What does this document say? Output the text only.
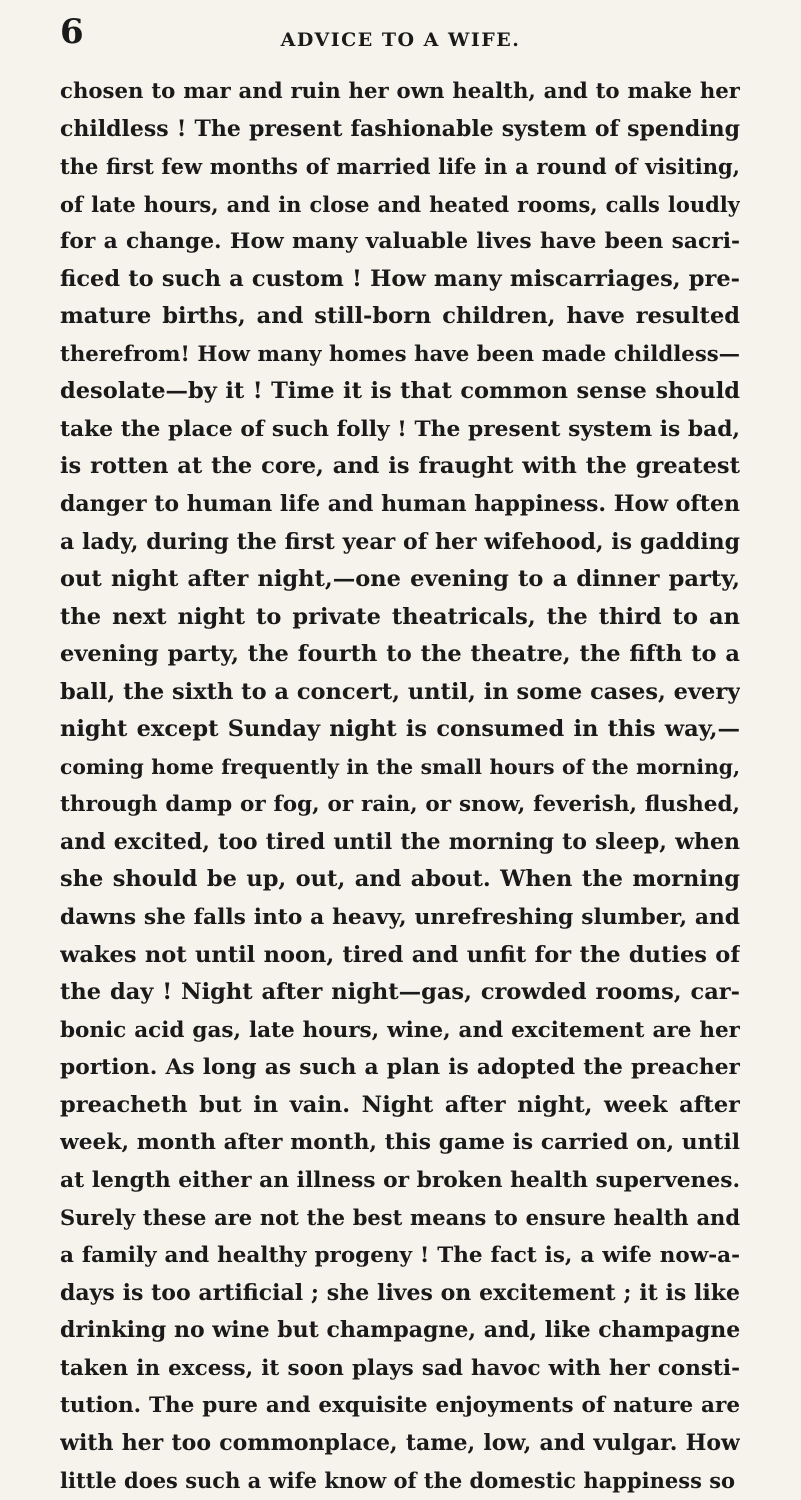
6	ADVICE TO A WIFE.
chosen to mar and ruin her own health, and to make her
childless ! The present fashionable system of spending
the first few months of married life in a round of visiting,
of late hours, and in close and heated rooms, calls loudly
for a change. How many valuable lives have been sacri-
ficed to such a custom ! How many miscarriages, pre-
mature births, and still-born children, have resulted
therefrom! How many homes have been made childless—
desolate—by it ! Time it is that common sense should
take the place of such folly ! The present system is bad,
is rotten at the core, and is fraught with the greatest
danger to human life and human happiness. How often
a lady, during the first year of her wifehood, is gadding
out night after night,—one evening to a dinner party,
the next night to private theatricals, the third to an
evening party, the fourth to the theatre, the fifth to a
ball, the sixth to a concert, until, in some cases, every
night except Sunday night is consumed in this way,—
coming home frequently in the small hours of the morning,
through damp or fog, or rain, or snow, feverish, flushed,
and excited, too tired until the morning to sleep, when
she should be up, out, and about. When the morning
dawns she falls into a heavy, unrefreshing slumber, and
wakes not until noon, tired and unfit for the duties of
the day ! Night after night—gas, crowded rooms, car-
bonic acid gas, late hours, wine, and excitement are her
portion. As long as such a plan is adopted the preacher
preacheth but in vain. Night after night, week after
week, month after month, this game is carried on, until
at length either an illness or broken health supervenes.
Surely these are not the best means to ensure health and
a family and healthy progeny ! The fact is, a wife now-a-
days is too artificial ; she lives on excitement ; it is like
drinking no wine but champagne, and, like champagne
taken in excess, it soon plays sad havoc with her consti-
tution. The pure and exquisite enjoyments of nature are
with her too commonplace, tame, low, and vulgar. How
little does such a wife know of the domestic happiness so
